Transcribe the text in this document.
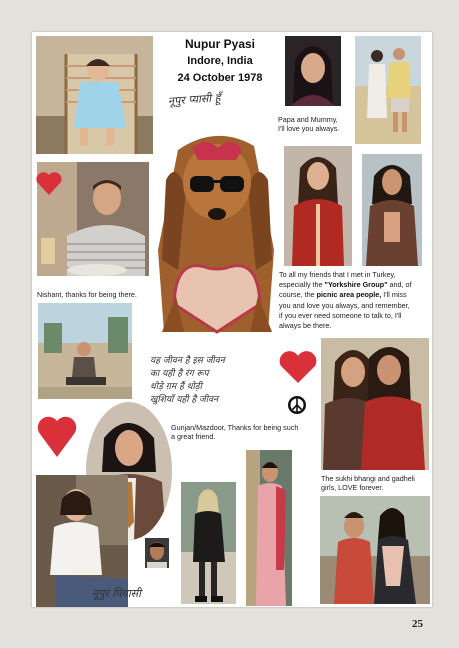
Nupur Pyasi
Indore, India
24 October 1978
नूपुर प्यासी हूँ
Papa and Mummy,
I'll love you always.
Nishant, thanks for being there.
To all my friends that I met in Turkey,
especially the "Yorkshire Group" and, of
course, the picnic area people, I'll miss
you and love you always, and remember,
if you ever need someone to talk to, I'll
always be there.
यह जीवन है इस जीवन
का यही है रंग रूप
थोड़े ग़म हैं थोड़ी
खुशियाँ यही है जीवन
Gunjan/Mazdoor, Thanks for being such
a great friend.
The sukhi bhangi and gadheli
girls, LOVE forever.
नूपुर पियासी
25
